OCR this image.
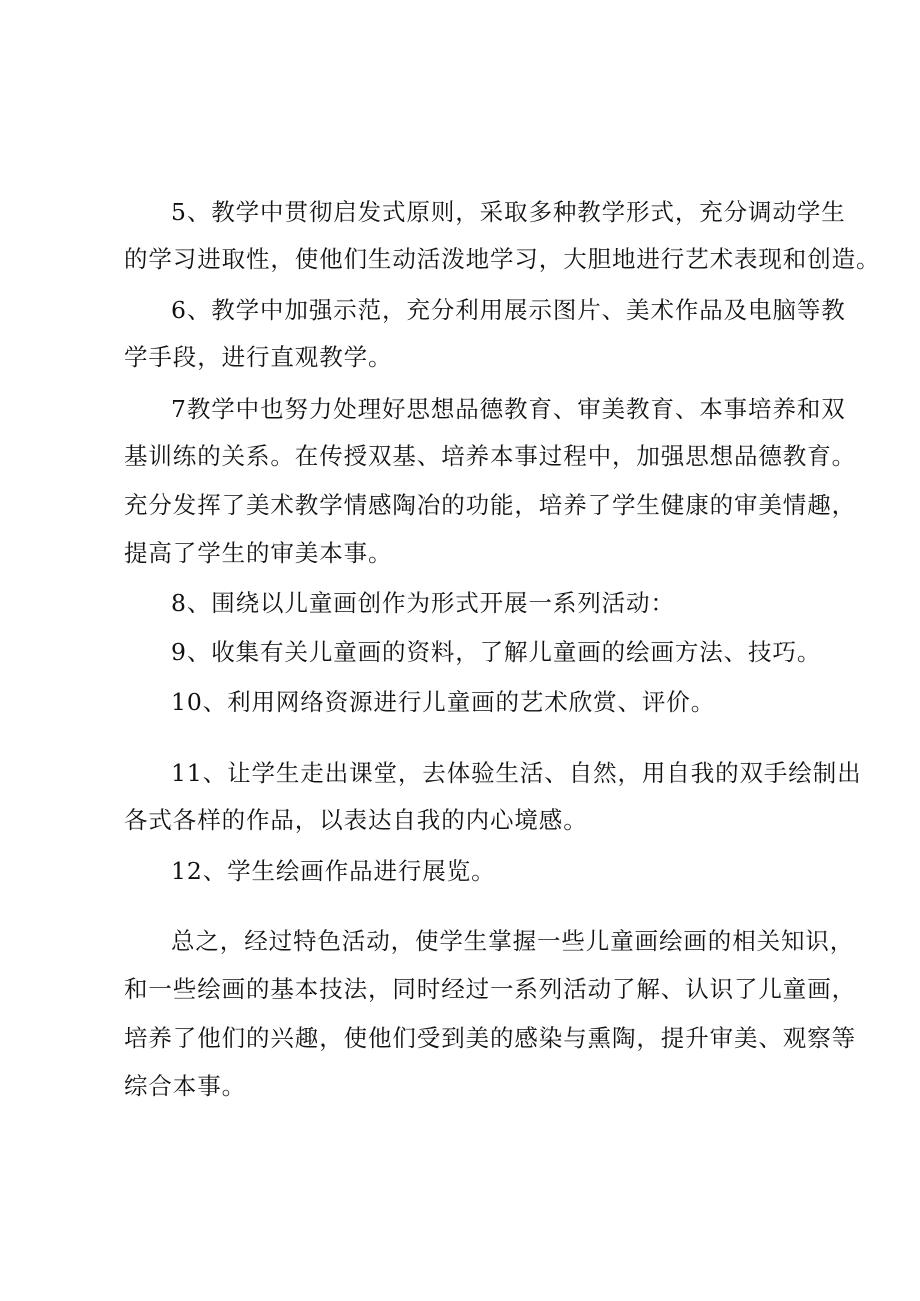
5、教学中贯彻启发式原则，采取多种教学形式，充分调动学生
的学习进取性，使他们生动活泼地学习，大胆地进行艺术表现和创造。
6、教学中加强示范，充分利用展示图片、美术作品及电脑等教
学手段，进行直观教学。
7教学中也努力处理好思想品德教育、审美教育、本事培养和双
基训练的关系。在传授双基、培养本事过程中，加强思想品德教育。
充分发挥了美术教学情感陶冶的功能，培养了学生健康的审美情趣，
提高了学生的审美本事。
8、围绕以儿童画创作为形式开展一系列活动：
9、收集有关儿童画的资料，了解儿童画的绘画方法、技巧。
10、利用网络资源进行儿童画的艺术欣赏、评价。
11、让学生走出课堂，去体验生活、自然，用自我的双手绘制出
各式各样的作品，以表达自我的内心境感。
12、学生绘画作品进行展览。
总之，经过特色活动，使学生掌握一些儿童画绘画的相关知识，
和一些绘画的基本技法，同时经过一系列活动了解、认识了儿童画，
培养了他们的兴趣，使他们受到美的感染与熏陶，提升审美、观察等
综合本事。
